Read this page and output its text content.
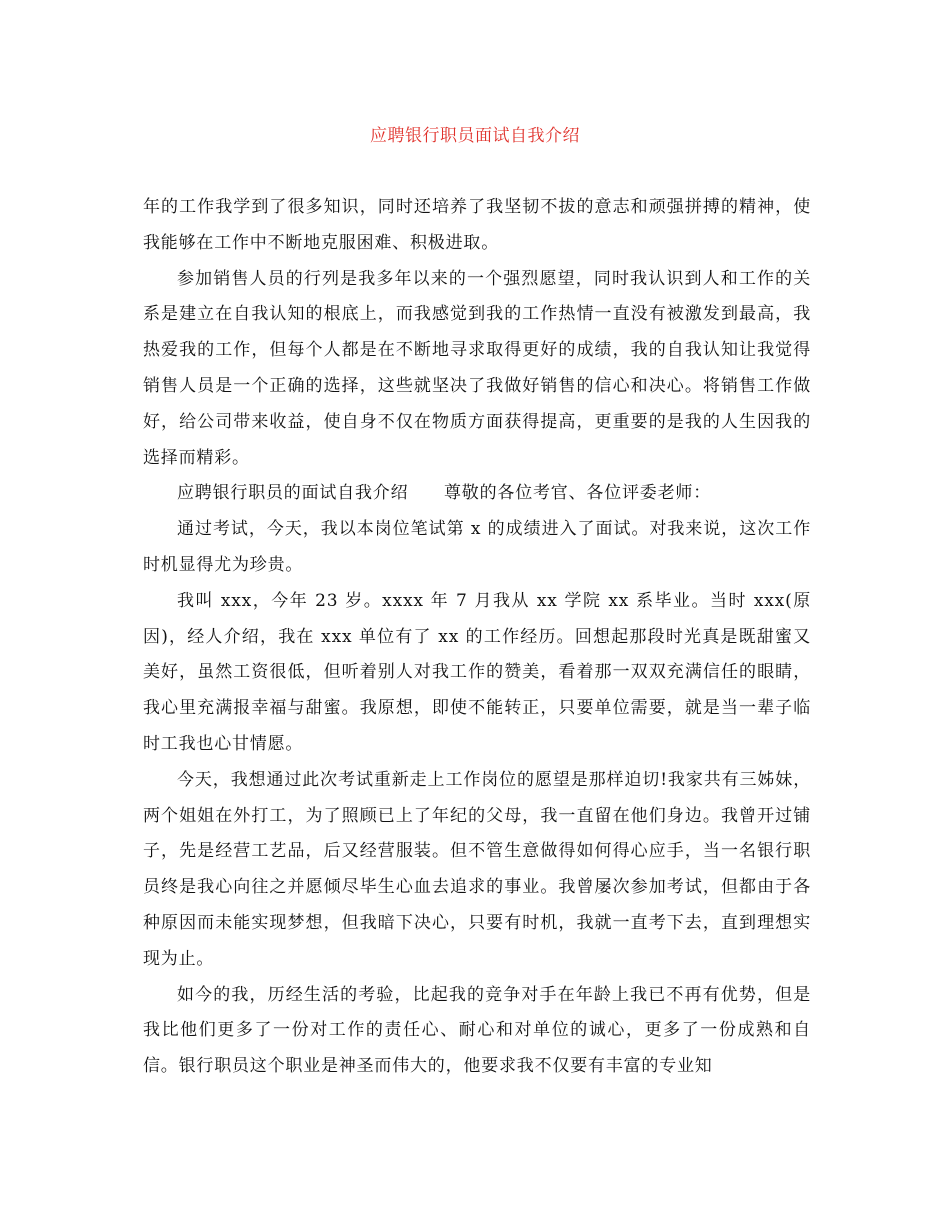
应聘银行职员面试自我介绍

年的工作我学到了很多知识，同时还培养了我坚韧不拔的意志和顽强拼搏的精神，使我能够在工作中不断地克服困难、积极进取。

参加销售人员的行列是我多年以来的一个强烈愿望，同时我认识到人和工作的关系是建立在自我认知的根底上，而我感觉到我的工作热情一直没有被激发到最高，我热爱我的工作，但每个人都是在不断地寻求取得更好的成绩，我的自我认知让我觉得销售人员是一个正确的选择，这些就坚决了我做好销售的信心和决心。将销售工作做好，给公司带来收益，使自身不仅在物质方面获得提高，更重要的是我的人生因我的选择而精彩。

应聘银行职员的面试自我介绍　　尊敬的各位考官、各位评委老师：

通过考试，今天，我以本岗位笔试第 x 的成绩进入了面试。对我来说，这次工作时机显得尤为珍贵。

我叫 xxx，今年 23 岁。xxxx 年 7 月我从 xx 学院 xx 系毕业。当时 xxx(原因)，经人介绍，我在 xxx 单位有了 xx 的工作经历。回想起那段时光真是既甜蜜又美好，虽然工资很低，但听着别人对我工作的赞美，看着那一双双充满信任的眼睛，我心里充满报幸福与甜蜜。我原想，即使不能转正，只要单位需要，就是当一辈子临时工我也心甘情愿。

今天，我想通过此次考试重新走上工作岗位的愿望是那样迫切!我家共有三姊妹，两个姐姐在外打工，为了照顾已上了年纪的父母，我一直留在他们身边。我曾开过铺子，先是经营工艺品，后又经营服装。但不管生意做得如何得心应手，当一名银行职员终是我心向往之并愿倾尽毕生心血去追求的事业。我曾屡次参加考试，但都由于各种原因而未能实现梦想，但我暗下决心，只要有时机，我就一直考下去，直到理想实现为止。

如今的我，历经生活的考验，比起我的竞争对手在年龄上我已不再有优势，但是我比他们更多了一份对工作的责任心、耐心和对单位的诚心，更多了一份成熟和自信。银行职员这个职业是神圣而伟大的，他要求我不仅要有丰富的专业知
